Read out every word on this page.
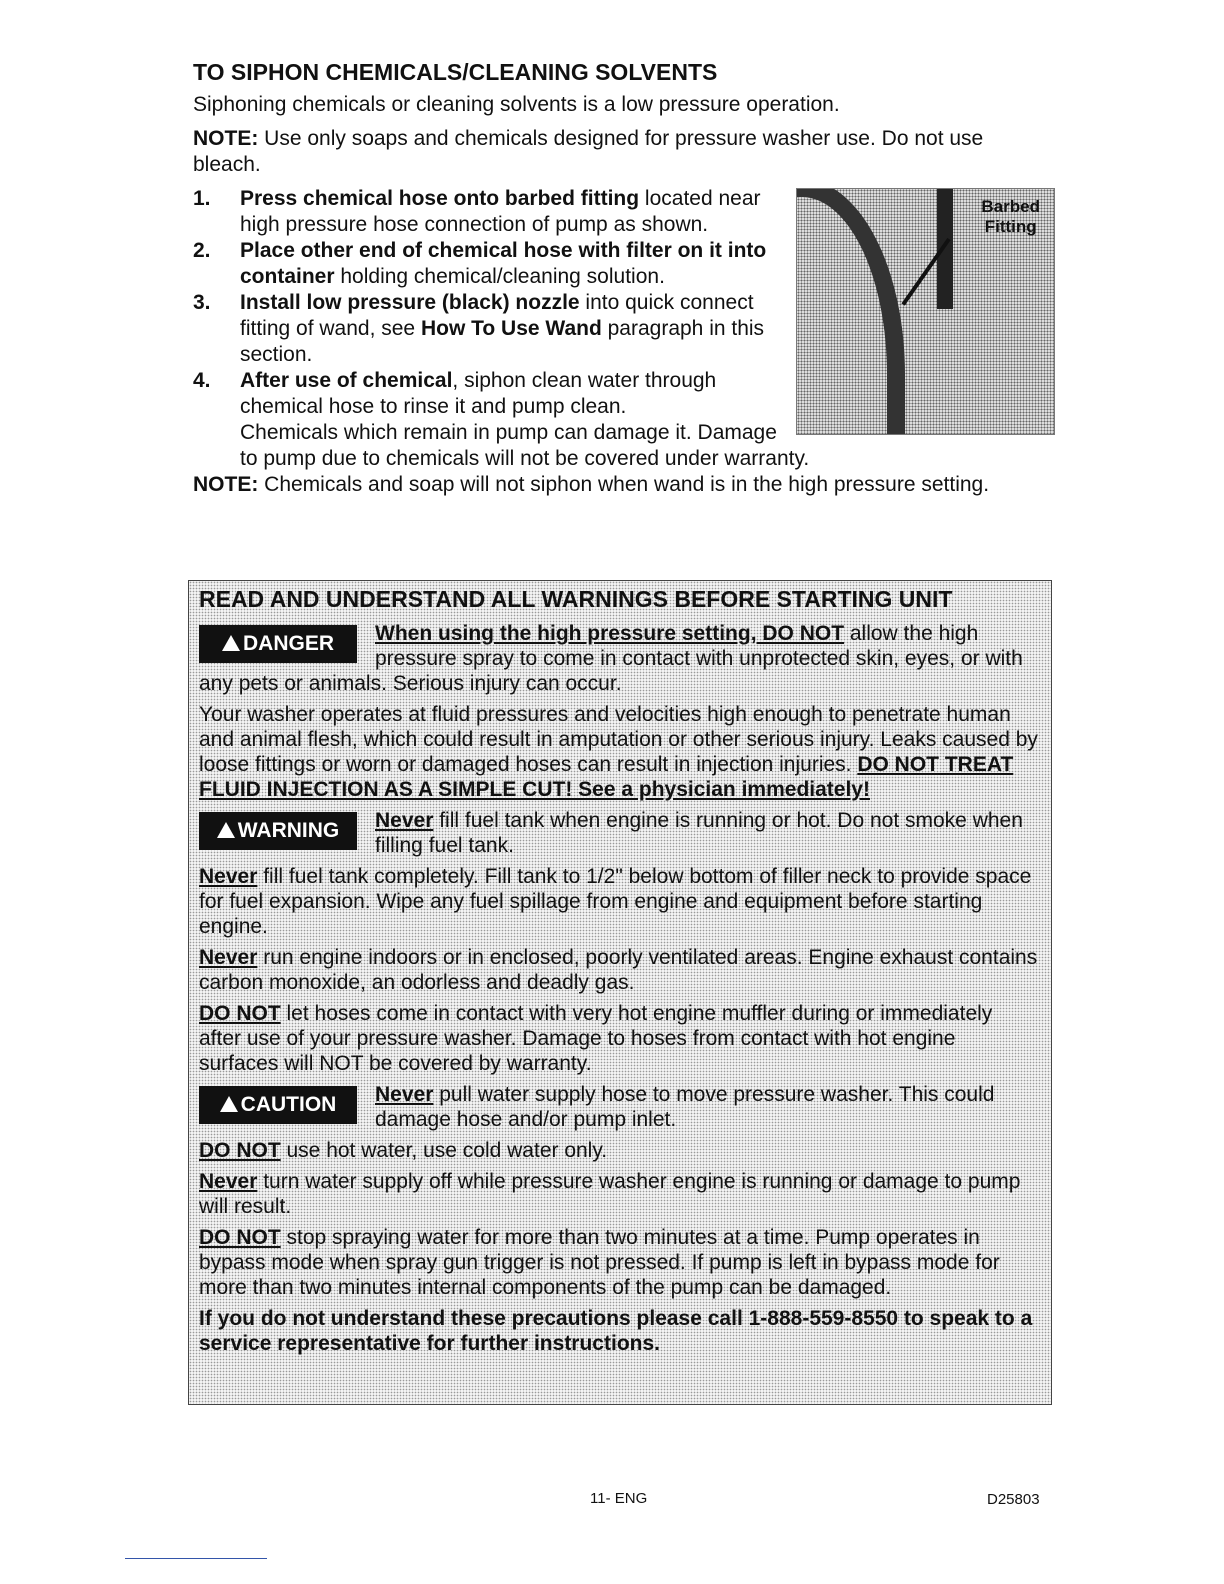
TO SIPHON CHEMICALS/CLEANING SOLVENTS

Siphoning chemicals or cleaning solvents is a low pressure operation.

NOTE: Use only soaps and chemicals designed for pressure washer use. Do not use bleach.

Barbed
Fitting
1. Press chemical hose onto barbed fitting located near high pressure hose connection of pump as shown.
2. Place other end of chemical hose with filter on it into container holding chemical/cleaning solution.
3. Install low pressure (black) nozzle into quick connect fitting of wand, see How To Use Wand paragraph in this section.
4. After use of chemical, siphon clean water through chemical hose to rinse it and pump clean.
Chemicals which remain in pump can damage it. Damage to pump due to chemicals will not be covered under warranty.

NOTE: Chemicals and soap will not siphon when wand is in the high pressure setting.

READ AND UNDERSTAND ALL WARNINGS BEFORE STARTING UNIT

DANGER	When using the high pressure setting, DO NOT allow the high pressure spray to come in contact with unprotected skin, eyes, or with any pets or animals. Serious injury can occur.

Your washer operates at fluid pressures and velocities high enough to penetrate human and animal flesh, which could result in amputation or other serious injury. Leaks caused by loose fittings or worn or damaged hoses can result in injection injuries. DO NOT TREAT FLUID INJECTION AS A SIMPLE CUT! See a physician immediately!

WARNING	Never fill fuel tank when engine is running or hot. Do not smoke when filling fuel tank.

Never fill fuel tank completely. Fill tank to 1/2" below bottom of filler neck to provide space for fuel expansion. Wipe any fuel spillage from engine and equipment before starting engine.

Never run engine indoors or in enclosed, poorly ventilated areas. Engine exhaust contains carbon monoxide, an odorless and deadly gas.

DO NOT let hoses come in contact with very hot engine muffler during or immediately after use of your pressure washer. Damage to hoses from contact with hot engine surfaces will NOT be covered by warranty.

CAUTION	Never pull water supply hose to move pressure washer. This could damage hose and/or pump inlet.

DO NOT use hot water, use cold water only.

Never turn water supply off while pressure washer engine is running or damage to pump will result.

DO NOT stop spraying water for more than two minutes at a time. Pump operates in bypass mode when spray gun trigger is not pressed. If pump is left in bypass mode for more than two minutes internal components of the pump can be damaged.

If you do not understand these precautions please call 1-888-559-8550 to speak to a service representative for further instructions.

11- ENG	D25803
